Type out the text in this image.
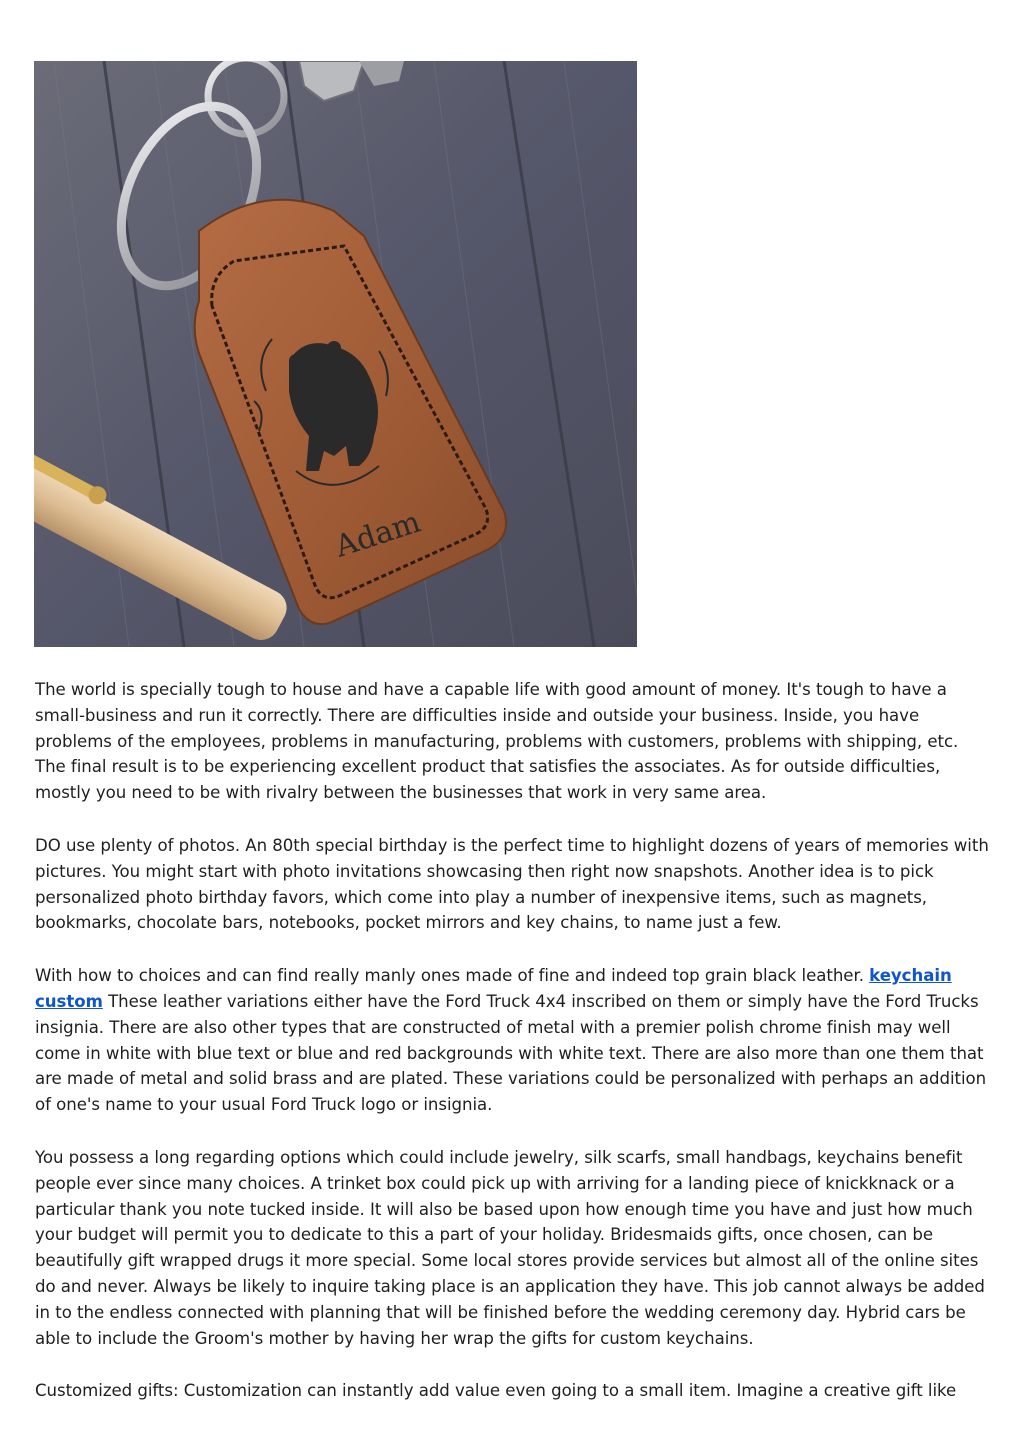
Adam

The world is specially tough to house and have a capable life with good amount of money. It's tough to have a small-business and run it correctly. There are difficulties inside and outside your business. Inside, you have problems of the employees, problems in manufacturing, problems with customers, problems with shipping, etc. The final result is to be experiencing excellent product that satisfies the associates. As for outside difficulties, mostly you need to be with rivalry between the businesses that work in very same area.

DO use plenty of photos. An 80th special birthday is the perfect time to highlight dozens of years of memories with pictures. You might start with photo invitations showcasing then right now snapshots. Another idea is to pick personalized photo birthday favors, which come into play a number of inexpensive items, such as magnets, bookmarks, chocolate bars, notebooks, pocket mirrors and key chains, to name just a few.

With how to choices and can find really manly ones made of fine and indeed top grain black leather. keychain custom These leather variations either have the Ford Truck 4x4 inscribed on them or simply have the Ford Trucks insignia. There are also other types that are constructed of metal with a premier polish chrome finish may well come in white with blue text or blue and red backgrounds with white text. There are also more than one them that are made of metal and solid brass and are plated. These variations could be personalized with perhaps an addition of one's name to your usual Ford Truck logo or insignia.

You possess a long regarding options which could include jewelry, silk scarfs, small handbags, keychains benefit people ever since many choices. A trinket box could pick up with arriving for a landing piece of knickknack or a particular thank you note tucked inside. It will also be based upon how enough time you have and just how much your budget will permit you to dedicate to this a part of your holiday. Bridesmaids gifts, once chosen, can be beautifully gift wrapped drugs it more special. Some local stores provide services but almost all of the online sites do and never. Always be likely to inquire taking place is an application they have. This job cannot always be added in to the endless connected with planning that will be finished before the wedding ceremony day. Hybrid cars be able to include the Groom's mother by having her wrap the gifts for custom keychains.

Customized gifts: Customization can instantly add value even going to a small item. Imagine a creative gift like
